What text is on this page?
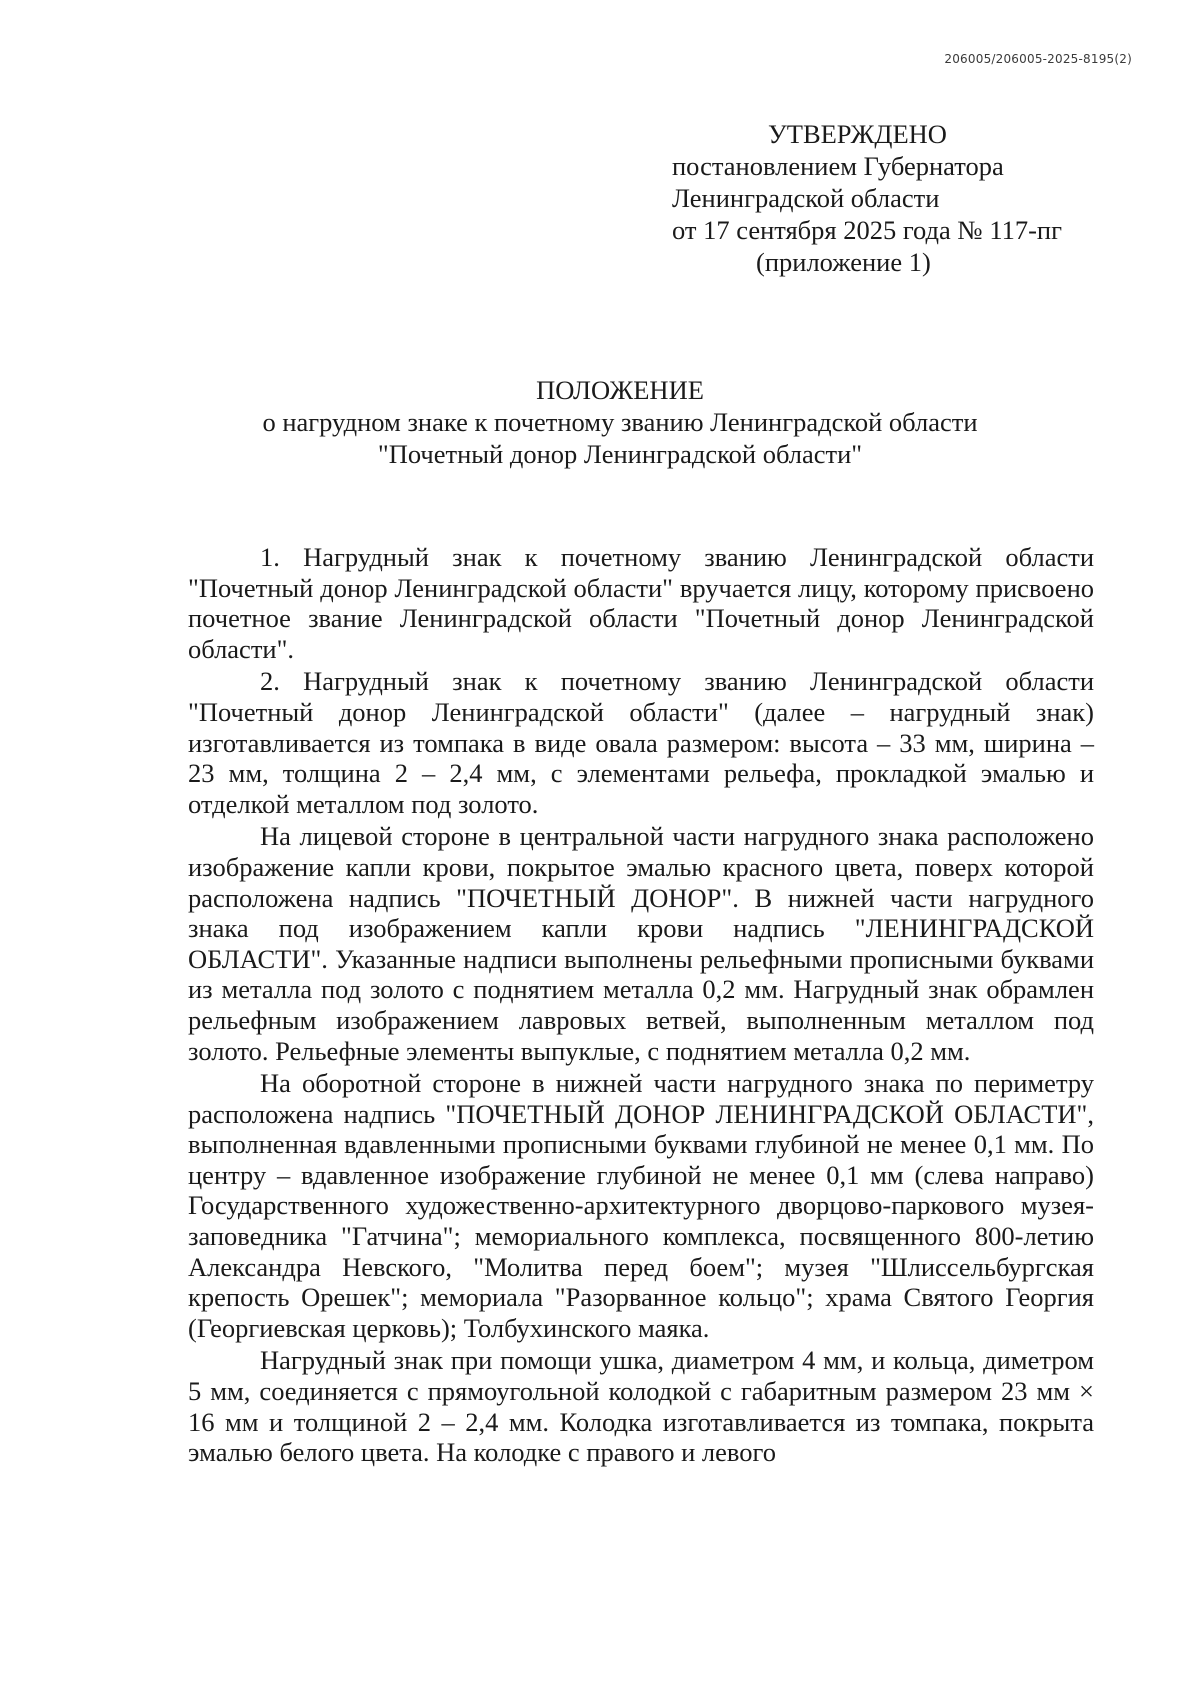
206005/206005-2025-8195(2)
УТВЕРЖДЕНО
постановлением Губернатора
Ленинградской области
от 17 сентября 2025 года № 117-пг
(приложение 1)
ПОЛОЖЕНИЕ
о нагрудном знаке к почетному званию Ленинградской области
"Почетный донор Ленинградской области"

1. Нагрудный знак к почетному званию Ленинградской области "Почетный донор Ленинградской области" вручается лицу, которому присвоено почетное звание Ленинградской области "Почетный донор Ленинградской области".

2. Нагрудный знак к почетному званию Ленинградской области "Почетный донор Ленинградской области" (далее – нагрудный знак) изготавливается из томпака в виде овала размером: высота – 33 мм, ширина – 23 мм, толщина 2 – 2,4 мм, с элементами рельефа, прокладкой эмалью и отделкой металлом под золото.

На лицевой стороне в центральной части нагрудного знака расположено изображение капли крови, покрытое эмалью красного цвета, поверх которой расположена надпись "ПОЧЕТНЫЙ ДОНОР". В нижней части нагрудного знака под изображением капли крови надпись "ЛЕНИНГРАДСКОЙ ОБЛАСТИ". Указанные надписи выполнены рельефными прописными буквами из металла под золото с поднятием металла 0,2 мм. Нагрудный знак обрамлен рельефным изображением лавровых ветвей, выполненным металлом под золото. Рельефные элементы выпуклые, с поднятием металла 0,2 мм.

На оборотной стороне в нижней части нагрудного знака по периметру расположена надпись "ПОЧЕТНЫЙ ДОНОР ЛЕНИНГРАДСКОЙ ОБЛАСТИ", выполненная вдавленными прописными буквами глубиной не менее 0,1 мм. По центру – вдавленное изображение глубиной не менее 0,1 мм (слева направо) Государственного художественно-архитектурного дворцово-паркового музея-заповедника "Гатчина"; мемориального комплекса, посвященного 800-летию Александра Невского, "Молитва перед боем"; музея "Шлиссельбургская крепость Орешек"; мемориала "Разорванное кольцо"; храма Святого Георгия (Георгиевская церковь); Толбухинского маяка.

Нагрудный знак при помощи ушка, диаметром 4 мм, и кольца, диметром 5 мм, соединяется с прямоугольной колодкой с габаритным размером 23 мм × 16 мм и толщиной 2 – 2,4 мм. Колодка изготавливается из томпака, покрыта эмалью белого цвета. На колодке с правого и левого
